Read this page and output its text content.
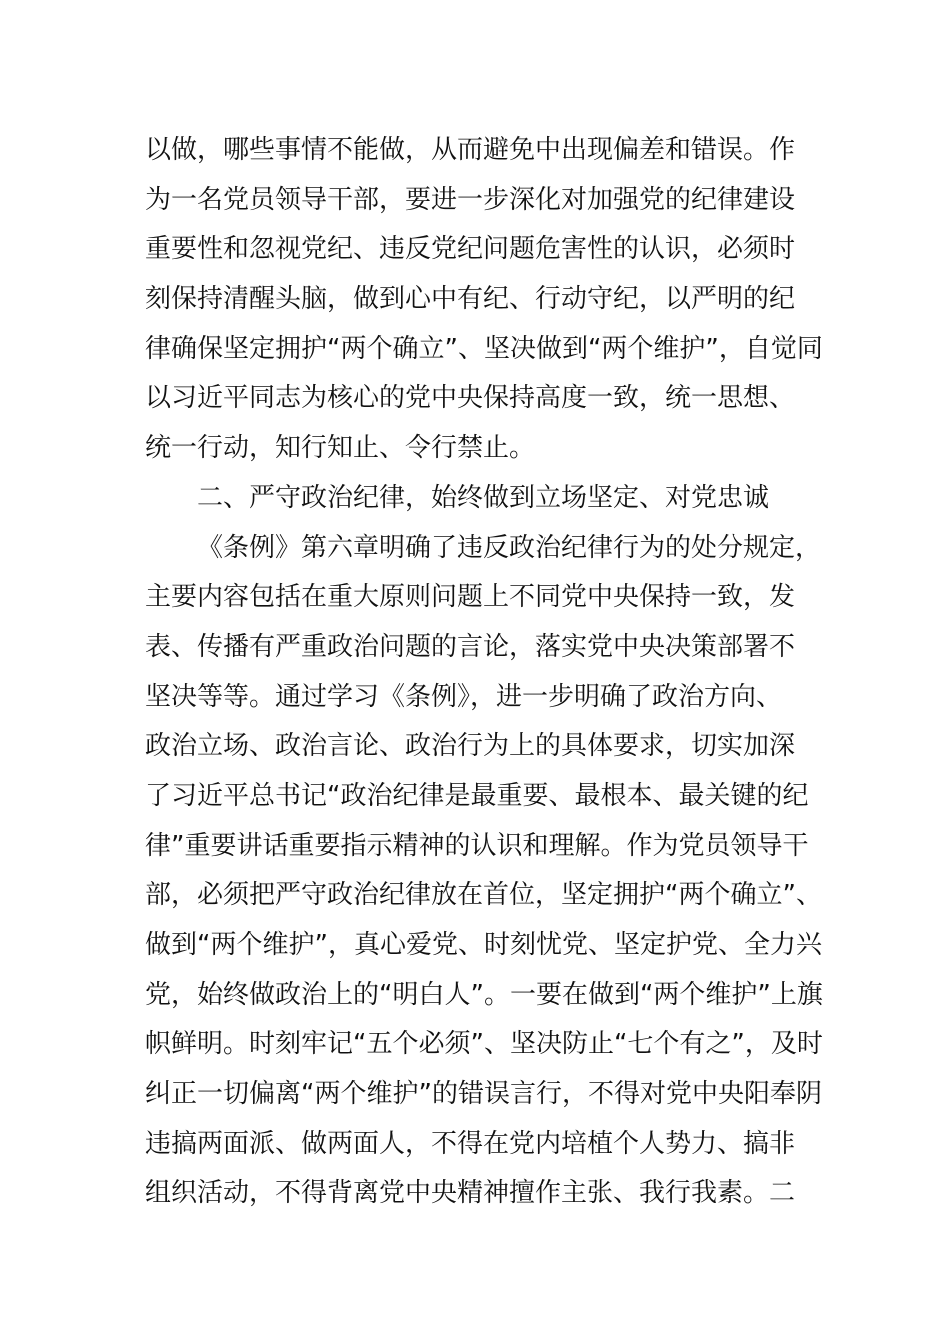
以做，哪些事情不能做，从而避免中出现偏差和错误。作
为一名党员领导干部，要进一步深化对加强党的纪律建设
重要性和忽视党纪、违反党纪问题危害性的认识，必须时
刻保持清醒头脑，做到心中有纪、行动守纪，以严明的纪
律确保坚定拥护“两个确立”、坚决做到“两个维护”，自觉同
以习近平同志为核心的党中央保持高度一致，统一思想、
统一行动，知行知止、令行禁止。
二、严守政治纪律，始终做到立场坚定、对党忠诚
《条例》第六章明确了违反政治纪律行为的处分规定，
主要内容包括在重大原则问题上不同党中央保持一致，发
表、传播有严重政治问题的言论，落实党中央决策部署不
坚决等等。通过学习《条例》，进一步明确了政治方向、
政治立场、政治言论、政治行为上的具体要求，切实加深
了习近平总书记“政治纪律是最重要、最根本、最关键的纪
律”重要讲话重要指示精神的认识和理解。作为党员领导干
部，必须把严守政治纪律放在首位，坚定拥护“两个确立”、
做到“两个维护”，真心爱党、时刻忧党、坚定护党、全力兴
党，始终做政治上的“明白人”。一要在做到“两个维护”上旗
帜鲜明。时刻牢记“五个必须”、坚决防止“七个有之”，及时
纠正一切偏离“两个维护”的错误言行，不得对党中央阳奉阴
违搞两面派、做两面人，不得在党内培植个人势力、搞非
组织活动，不得背离党中央精神擅作主张、我行我素。二
